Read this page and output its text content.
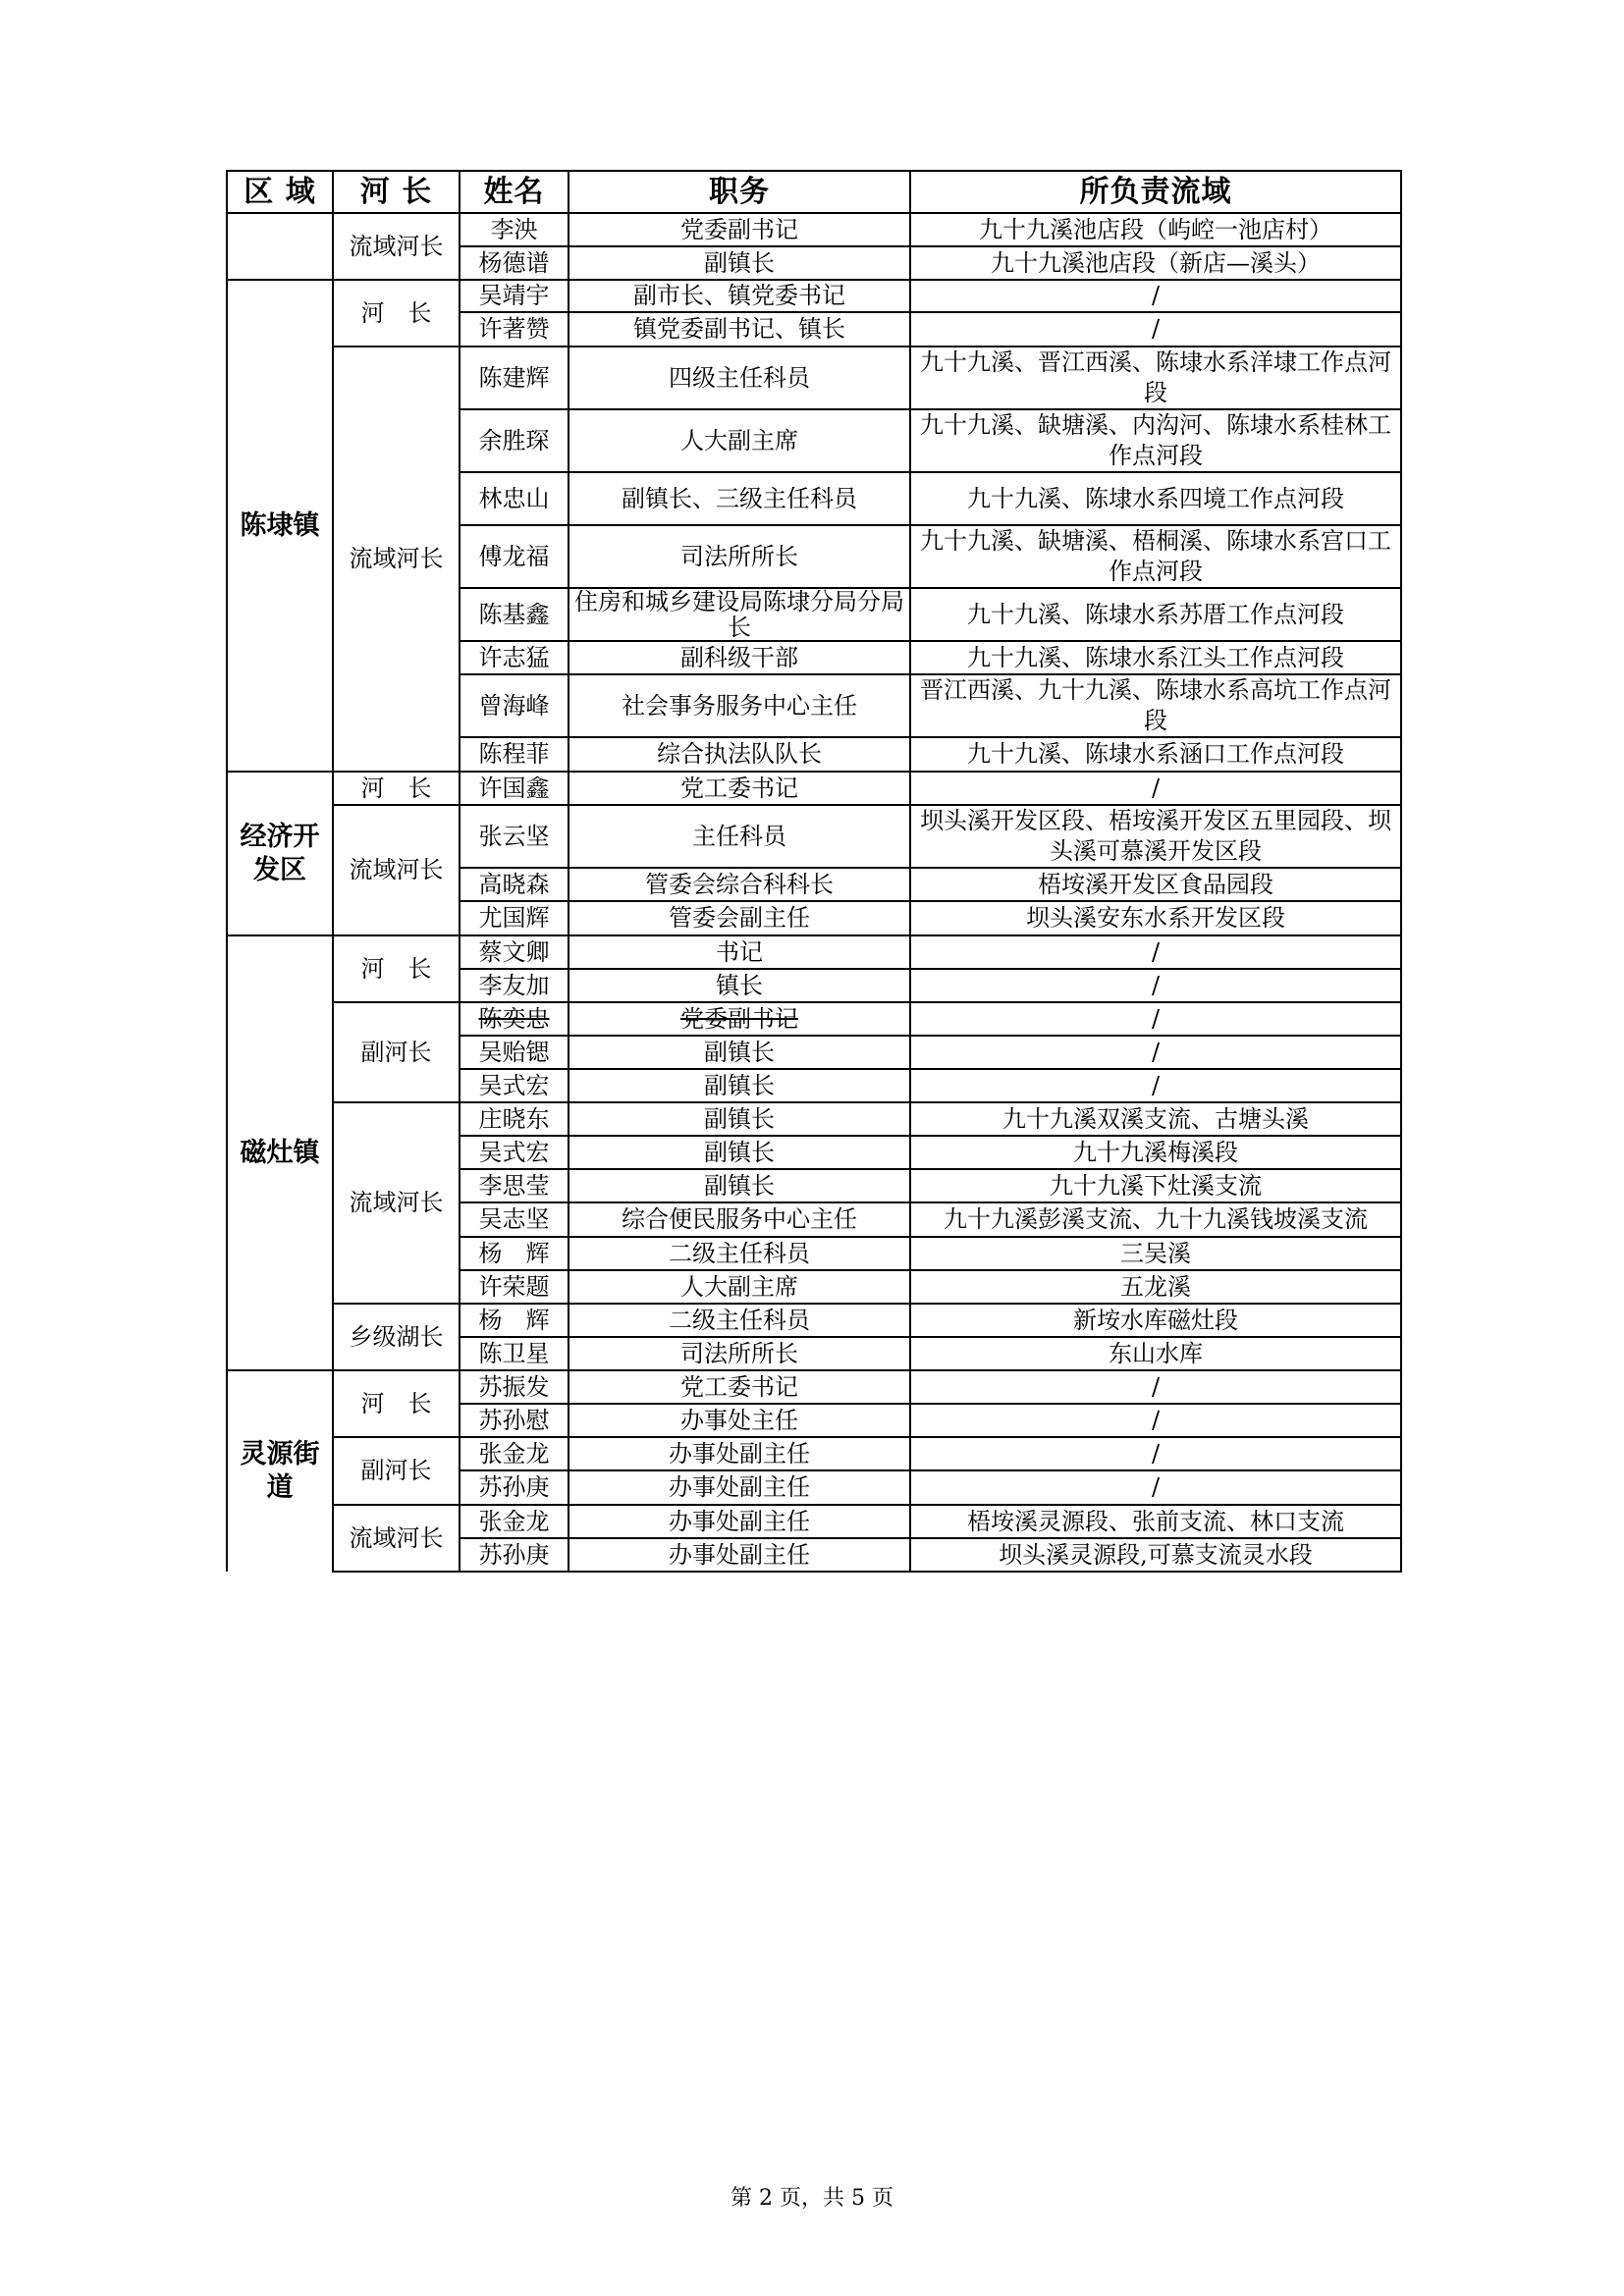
区 域	河 长	姓名	职务	所负责流域
	流域河长	李泱	党委副书记	九十九溪池店段（屿崆一池店村）
		杨德谱	副镇长	九十九溪池店段（新店—溪头）
陈埭镇	河　长	吴靖宇	副市长、镇党委书记	/
		许著赞	镇党委副书记、镇长	/
	流域河长	陈建辉	四级主任科员	九十九溪、晋江西溪、陈埭水系洋埭工作点河段
		余胜琛	人大副主席	九十九溪、缺塘溪、内沟河、陈埭水系桂林工作点河段
		林忠山	副镇长、三级主任科员	九十九溪、陈埭水系四境工作点河段
		傅龙福	司法所所长	九十九溪、缺塘溪、梧桐溪、陈埭水系宫口工作点河段
		陈基鑫	住房和城乡建设局陈埭分局分局长	九十九溪、陈埭水系苏厝工作点河段
		许志猛	副科级干部	九十九溪、陈埭水系江头工作点河段
		曾海峰	社会事务服务中心主任	晋江西溪、九十九溪、陈埭水系高坑工作点河段
		陈程菲	综合执法队队长	九十九溪、陈埭水系涵口工作点河段
经济开发区	河　长	许国鑫	党工委书记	/
	流域河长	张云坚	主任科员	坝头溪开发区段、梧垵溪开发区五里园段、坝头溪可慕溪开发区段
		高晓森	管委会综合科科长	梧垵溪开发区食品园段
		尤国辉	管委会副主任	坝头溪安东水系开发区段
磁灶镇	河　长	蔡文卿	书记	/
		李友加	镇长	/
	副河长	陈奕忠	党委副书记	/
		吴贻锶	副镇长	/
		吴式宏	副镇长	/
	流域河长	庄晓东	副镇长	九十九溪双溪支流、古塘头溪
		吴式宏	副镇长	九十九溪梅溪段
		李思莹	副镇长	九十九溪下灶溪支流
		吴志坚	综合便民服务中心主任	九十九溪彭溪支流、九十九溪钱坡溪支流
		杨　辉	二级主任科员	三吴溪
		许荣题	人大副主席	五龙溪
	乡级湖长	杨　辉	二级主任科员	新垵水库磁灶段
		陈卫星	司法所所长	东山水库
灵源街道	河　长	苏振发	党工委书记	/
		苏孙慰	办事处主任	/
	副河长	张金龙	办事处副主任	/
		苏孙庚	办事处副主任	/
	流域河长	张金龙	办事处副主任	梧垵溪灵源段、张前支流、林口支流
		苏孙庚	办事处副主任	坝头溪灵源段,可慕支流灵水段
第 2 页，共 5 页
